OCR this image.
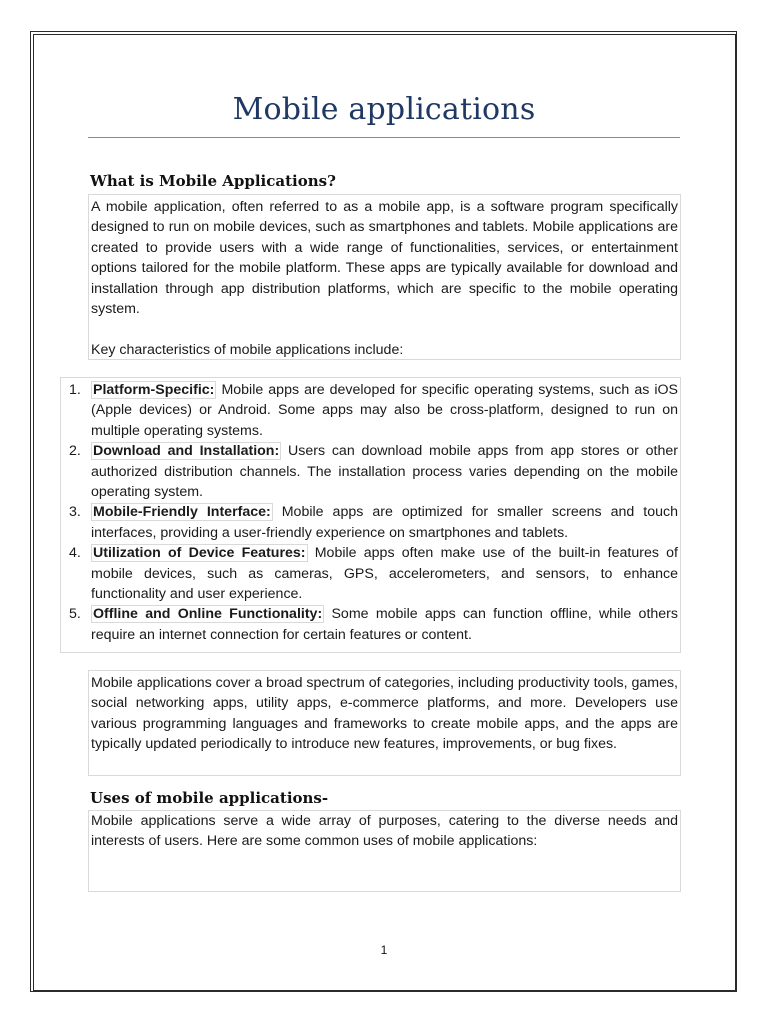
Mobile applications
What is Mobile Applications?

A mobile application, often referred to as a mobile app, is a software program specifically designed to run on mobile devices, such as smartphones and tablets. Mobile applications are created to provide users with a wide range of functionalities, services, or entertainment options tailored for the mobile platform. These apps are typically available for download and installation through app distribution platforms, which are specific to the mobile operating system.

Key characteristics of mobile applications include:

1. Platform-Specific: Mobile apps are developed for specific operating systems, such as iOS (Apple devices) or Android. Some apps may also be cross-platform, designed to run on multiple operating systems.
2. Download and Installation: Users can download mobile apps from app stores or other authorized distribution channels. The installation process varies depending on the mobile operating system.
3. Mobile-Friendly Interface: Mobile apps are optimized for smaller screens and touch interfaces, providing a user-friendly experience on smartphones and tablets.
4. Utilization of Device Features: Mobile apps often make use of the built-in features of mobile devices, such as cameras, GPS, accelerometers, and sensors, to enhance functionality and user experience.
5. Offline and Online Functionality: Some mobile apps can function offline, while others require an internet connection for certain features or content.

Mobile applications cover a broad spectrum of categories, including productivity tools, games, social networking apps, utility apps, e-commerce platforms, and more. Developers use various programming languages and frameworks to create mobile apps, and the apps are typically updated periodically to introduce new features, improvements, or bug fixes.

Uses of mobile applications-

Mobile applications serve a wide array of purposes, catering to the diverse needs and interests of users. Here are some common uses of mobile applications:

1
